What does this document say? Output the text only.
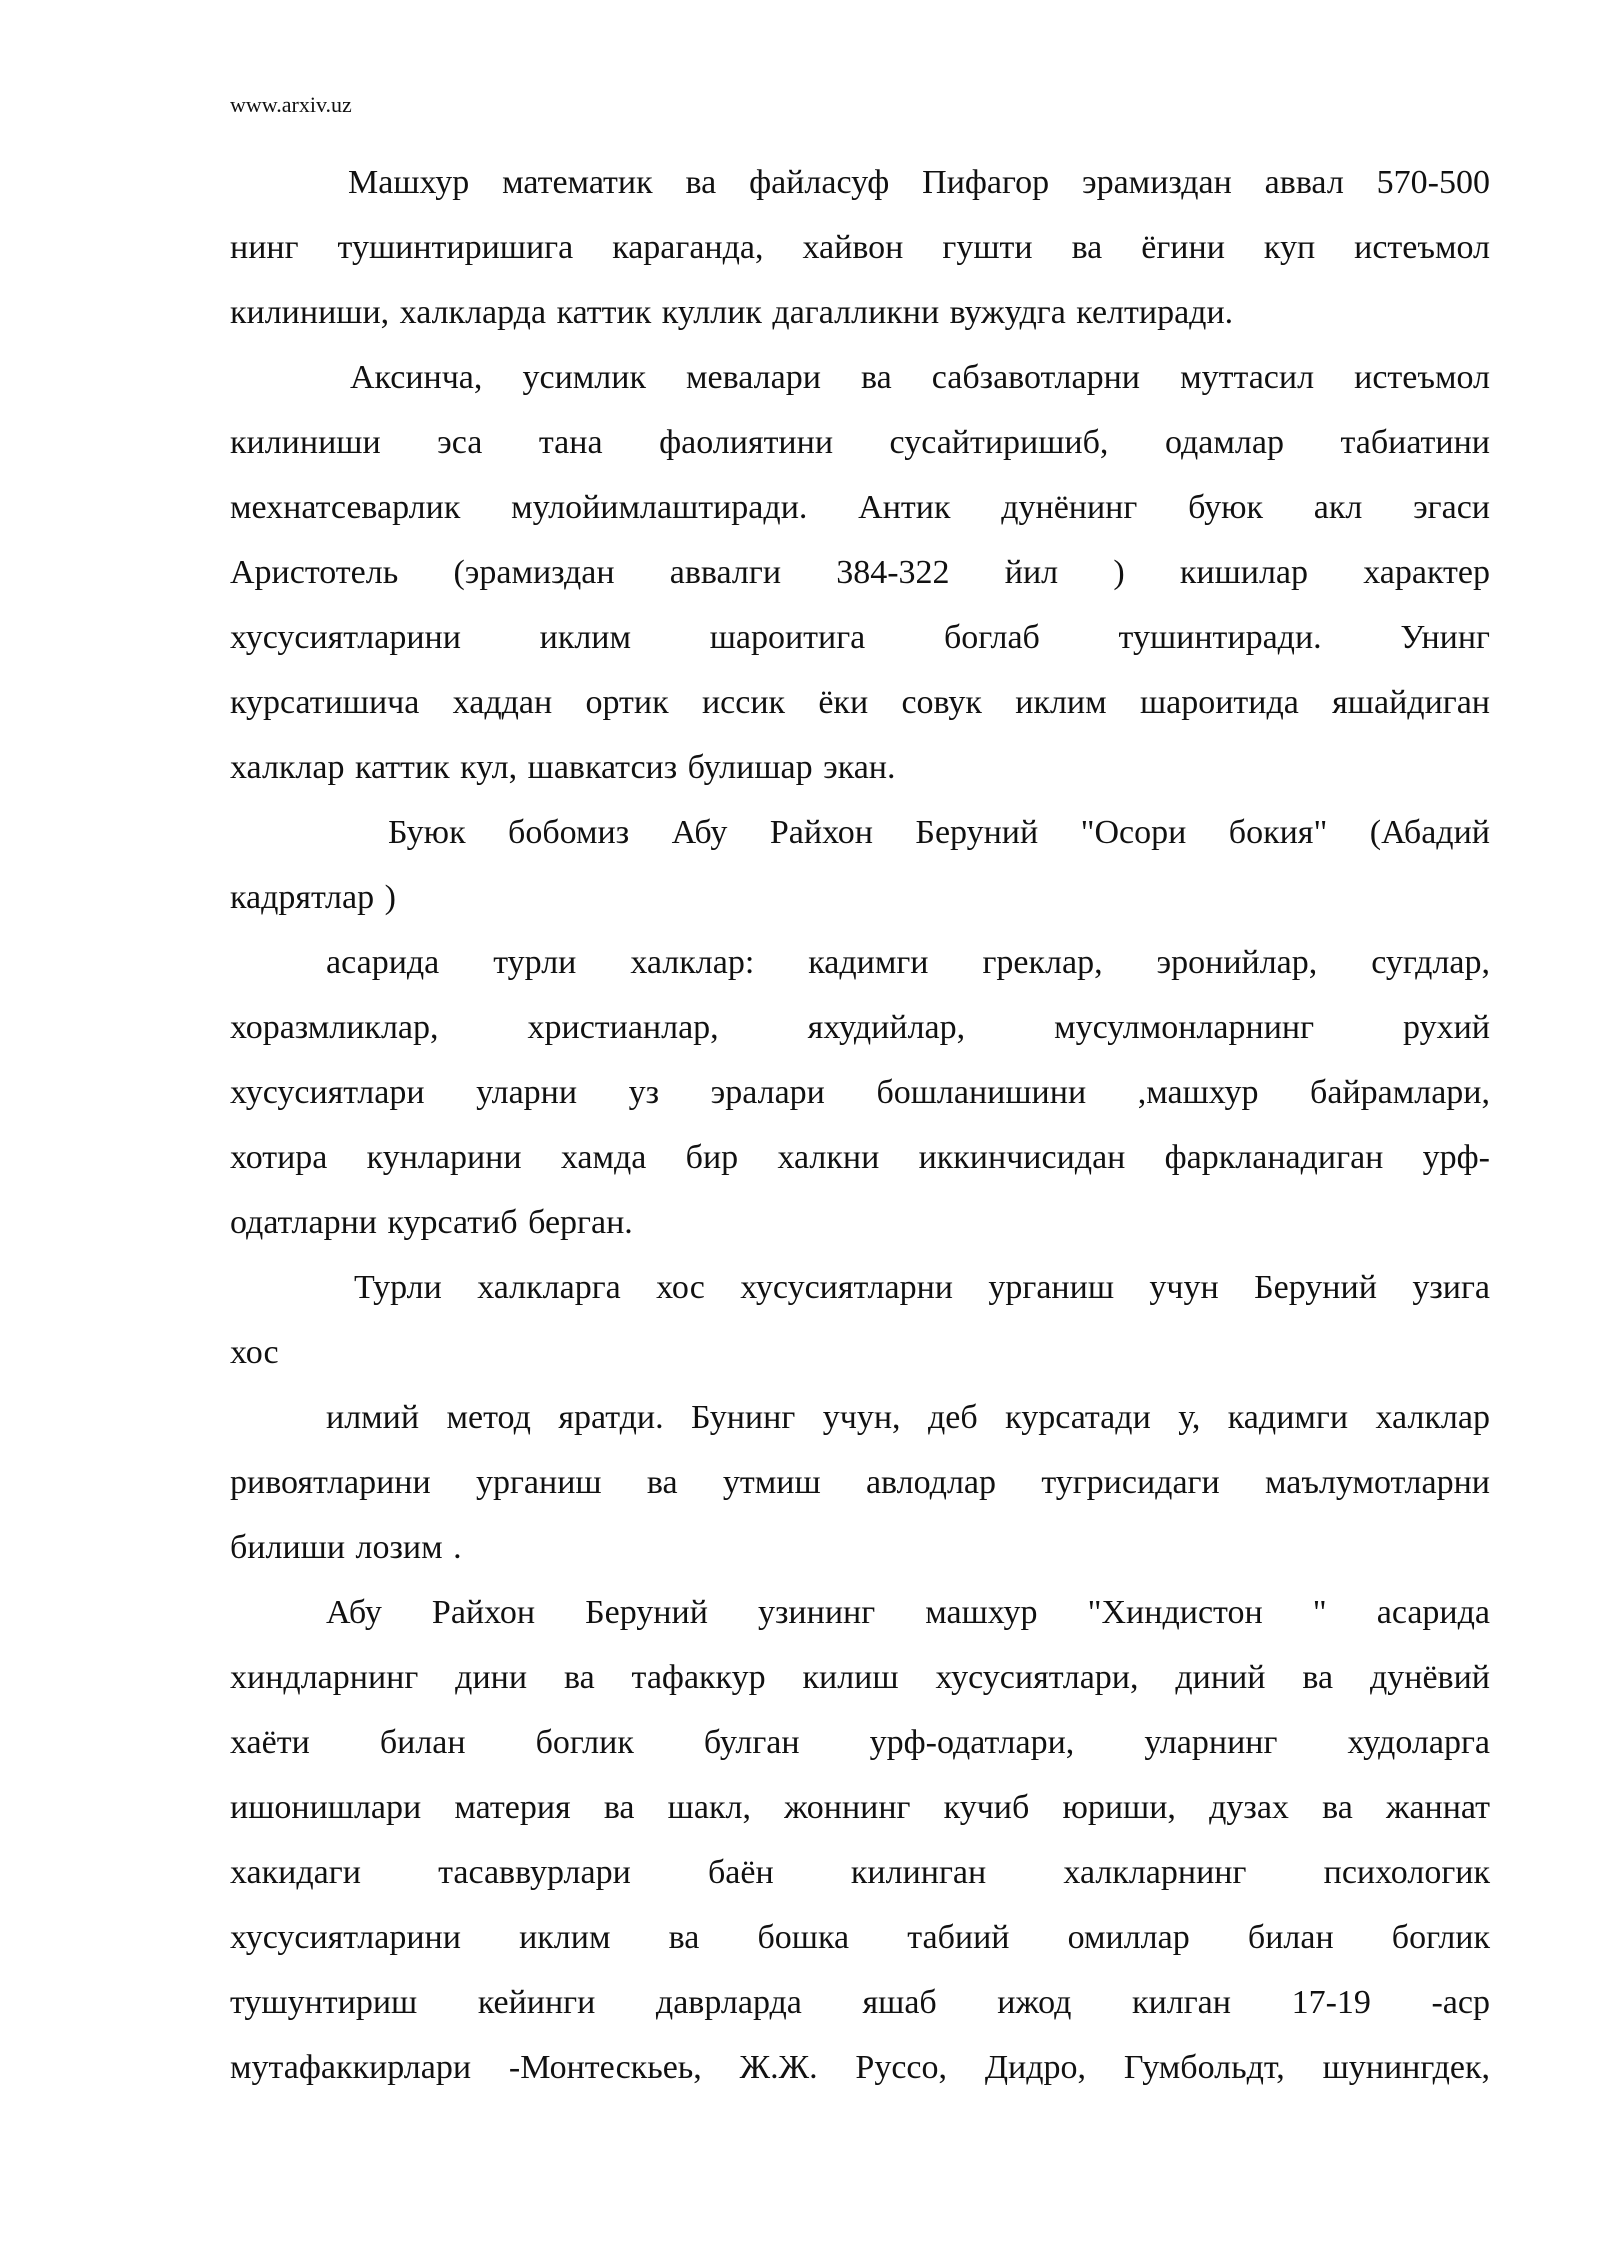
www.arxiv.uz
Машхур математик ва файласуф Пифагор эрамиздан аввал 570-500
нинг тушинтиришига караганда, хайвон гушти ва ёгини куп истеъмол
килиниши, халкларда каттик куллик дагалликни вужудга келтиради.
Аксинча, усимлик мевалари ва сабзавотларни муттасил истеъмол
килиниши эса тана фаолиятини сусайтиришиб, одамлар табиатини
мехнатсеварлик мулойимлаштиради. Антик дунёнинг буюк акл эгаси
Аристотель (эрамиздан аввалги 384-322 йил ) кишилар характер
хусусиятларини иклим шароитига боглаб тушинтиради. Унинг
курсатишича хаддан ортик иссик ёки совук иклим шароитида яшайдиган
халклар каттик кул, шавкатсиз булишар экан.
Буюк бобомиз Абу Райхон Беруний "Осори бокия" (Абадий
кадрятлар )
асарида турли халклар: кадимги греклар, эронийлар, сугдлар,
хоразмликлар, христианлар, яхудийлар, мусулмонларнинг рухий
хусусиятлари уларни уз эралари бошланишини ,машхур байрамлари,
хотира кунларини хамда бир халкни иккинчисидан фаркланадиган урф-
одатларни курсатиб берган.
Турли халкларга хос хусусиятларни урганиш учун Беруний узига
хос
илмий метод яратди. Бунинг учун, деб курсатади у, кадимги халклар
ривоятларини урганиш ва утмиш авлодлар тугрисидаги маълумотларни
билиши лозим .
Абу Райхон Беруний узининг машхур "Хиндистон " асарида
хиндларнинг дини ва тафаккур килиш хусусиятлари, диний ва дунёвий
хаёти билан боглик булган урф-одатлари, уларнинг худоларга
ишонишлари материя ва шакл, жоннинг кучиб юриши, дузах ва жаннат
хакидаги тасаввурлари баён килинган халкларнинг психологик
хусусиятларини иклим ва бошка табиий омиллар билан боглик
тушунтириш кейинги даврларда яшаб ижод килган 17-19 -аср
мутафаккирлари -Монтескьеь, Ж.Ж. Руссо, Дидро, Гумбольдт, шунингдек,
